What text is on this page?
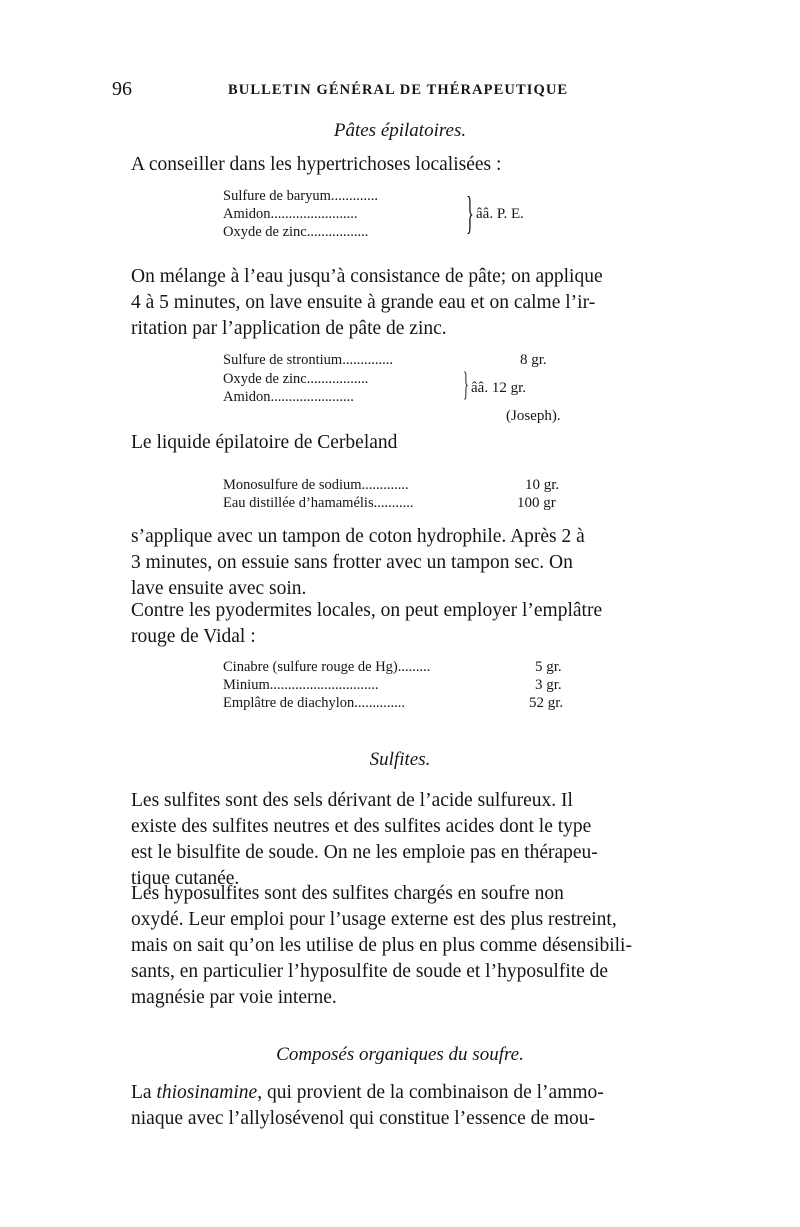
96	BULLETIN GÉNÉRAL DE THÉRAPEUTIQUE
Pâtes épilatoires.
A conseiller dans les hypertrichoses localisées :
Sulfure de baryum.............
Amidon........................
Oxyde de zinc................. } ââ. P. E.
On mélange à l’eau jusqu’à consistance de pâte; on applique
4 à 5 minutes, on lave ensuite à grande eau et on calme l’ir-
ritation par l’application de pâte de zinc.
Sulfure de strontium..............	8 gr.
Oxyde de zinc.................
Amidon.......................	} ââ. 12 gr.
(Joseph).
Le liquide épilatoire de Cerbeland
Monosulfure de sodium.............	10 gr.
Eau distillée d’hamamélis...........	100 gr
s’applique avec un tampon de coton hydrophile. Après 2 à
3 minutes, on essuie sans frotter avec un tampon sec. On
lave ensuite avec soin.
Contre les pyodermites locales, on peut employer l’emplâtre
rouge de Vidal :
Cinabre (sulfure rouge de Hg).........	5 gr.
Minium..............................	3 gr.
Emplâtre de diachylon..............	52 gr.
Sulfites.
Les sulfites sont des sels dérivant de l’acide sulfureux. Il
existe des sulfites neutres et des sulfites acides dont le type
est le bisulfite de soude. On ne les emploie pas en thérapeu-
tique cutanée.
Les hyposulfites sont des sulfites chargés en soufre non
oxydé. Leur emploi pour l’usage externe est des plus restreint,
mais on sait qu’on les utilise de plus en plus comme désensibili-
sants, en particulier l’hyposulfite de soude et l’hyposulfite de
magnésie par voie interne.
Composés organiques du soufre.
La thiosinamine, qui provient de la combinaison de l’ammo-
niaque avec l’allylosévenol qui constitue l’essence de mou-
